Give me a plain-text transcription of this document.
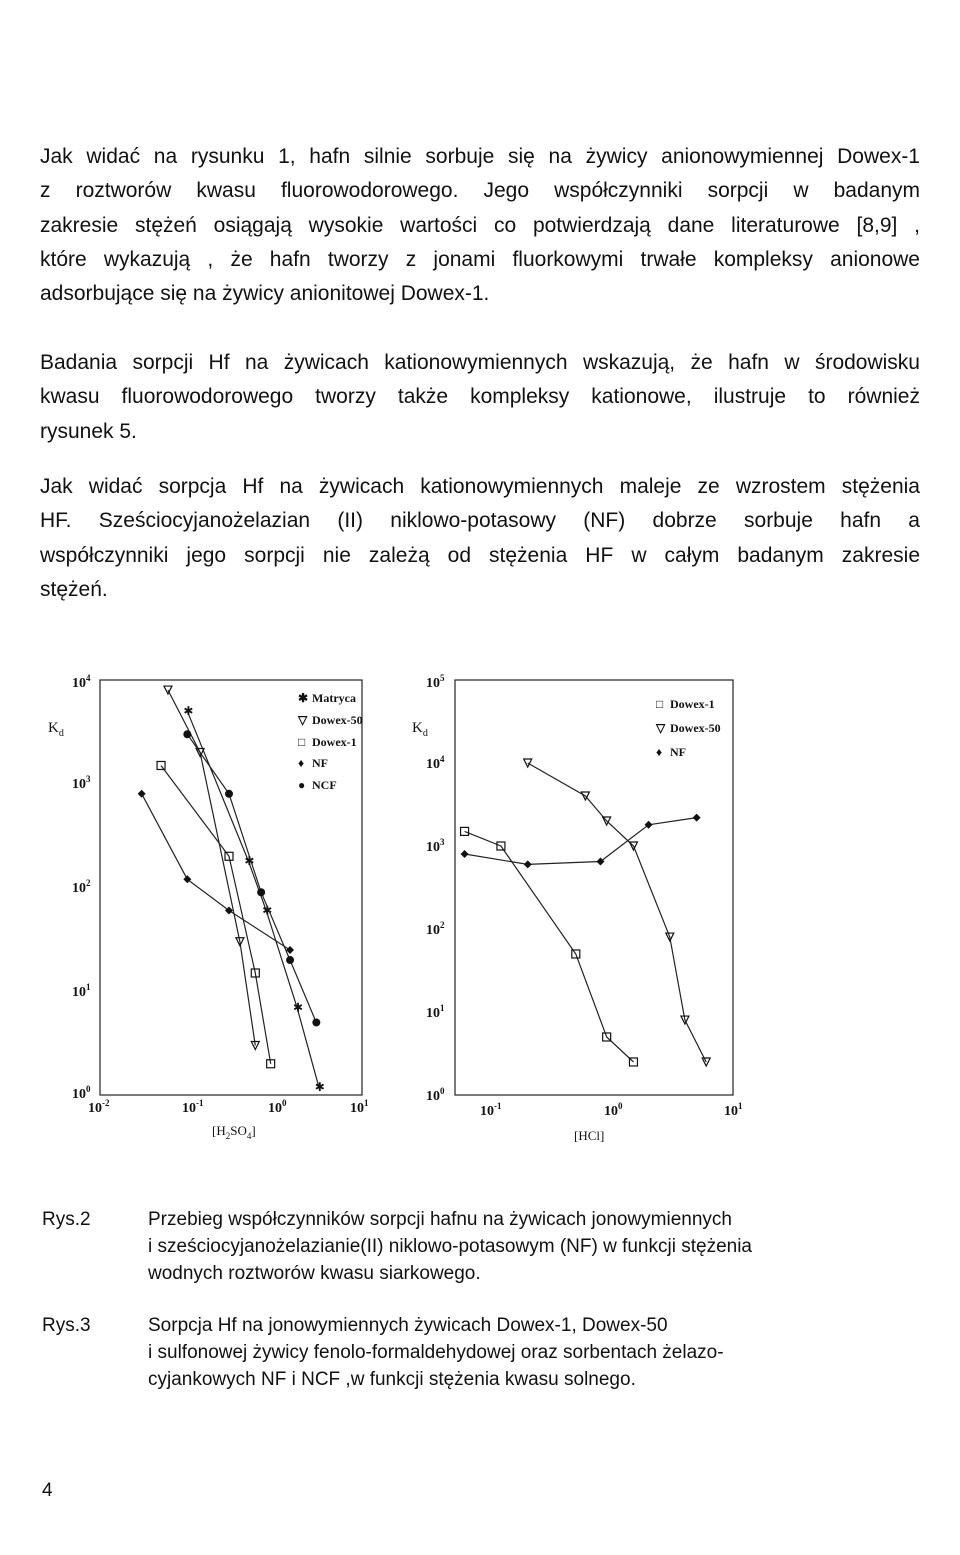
Jak widać na rysunku 1, hafn silnie sorbuje się na żywicy anionowymiennej Dowex-1
z roztworów kwasu fluorowodorowego. Jego współczynniki sorpcji w badanym
zakresie stężeń osiągają wysokie wartości co potwierdzają dane literaturowe [8,9] ,
które wykazują , że hafn tworzy z jonami fluorkowymi trwałe kompleksy anionowe
adsorbujące się na żywicy anionitowej Dowex-1.

Badania sorpcji Hf na żywicach kationowymiennych wskazują, że hafn w środowisku
kwasu fluorowodorowego tworzy także kompleksy kationowe, ilustruje to również
rysunek 5.

Jak widać sorpcja Hf na żywicach kationowymiennych maleje ze wzrostem stężenia
HF. Sześciocyjanożelazian (II) niklowo-potasowy (NF) dobrze sorbuje hafn a
współczynniki jego sorpcji nie zależą od stężenia HF w całym badanym zakresie
stężeń.

$K_d$
$10^4$
$10^3$
$10^2$
$10^1$
$10^0$
$10^{-2}$	$10^{-1}$	$10^0$	$10^1$
$[H_2SO_4]$
✱ Matryca
▽ Dowex-50
□ Dowex-1
♦ NF
● NCF
✱
✱
✱
✱
✱
$K_d$
$10^5$
$10^4$
$10^3$
$10^2$
$10^1$
$10^0$
$10^{-1}$	$10^0$	$10^1$
[HCl]
□ Dowex-1
▽ Dowex-50
♦ NF
Rys.2	Przebieg współczynników sorpcji hafnu na żywicach jonowymiennych
i sześciocyjanożelazianie(II) niklowo-potasowym (NF) w funkcji stężenia
wodnych roztworów kwasu siarkowego.
Rys.3	Sorpcja Hf na jonowymiennych żywicach Dowex-1, Dowex-50
i sulfonowej żywicy fenolo-formaldehydowej oraz sorbentach żelazo-
cyjankowych NF i NCF ,w funkcji stężenia kwasu solnego.
4
